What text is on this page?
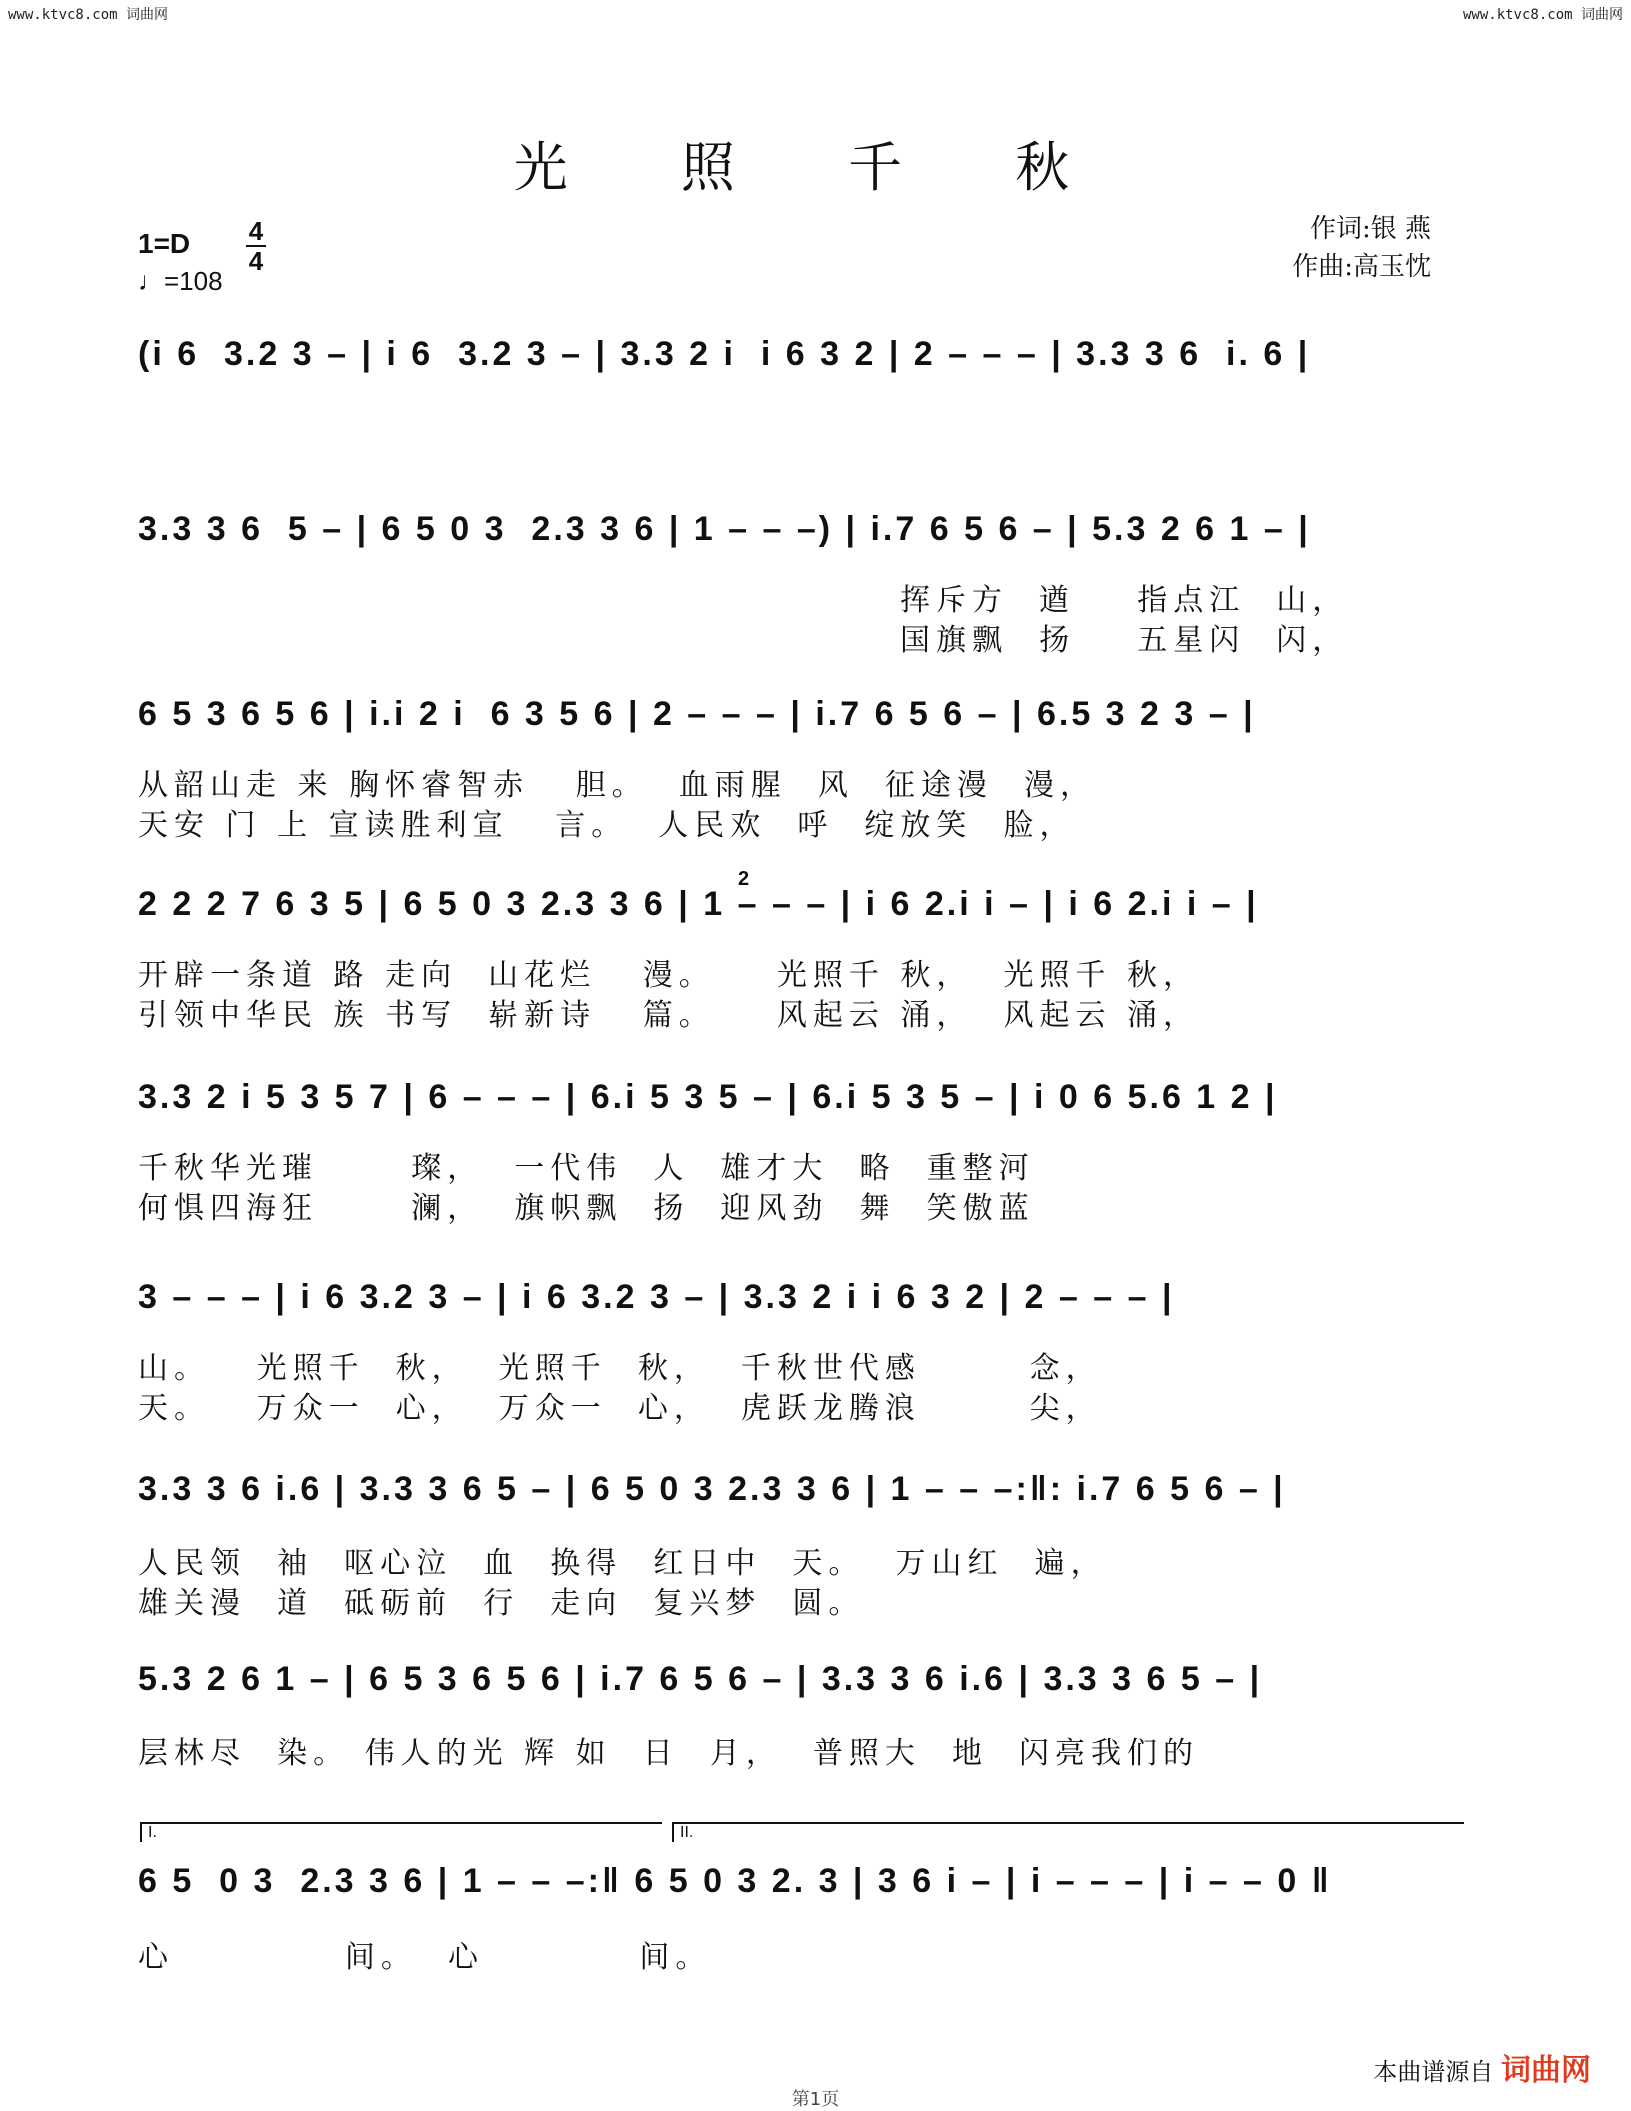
www.ktvc8.com 词曲网	www.ktvc8.com 词曲网
光 照 千 秋
作词:银 燕
作曲:高玉忱
1=D 4
4
♩=108
(i 6  3.2 3 – | i 6  3.2 3 – | 3.3 2 i  i 6 3 2 | 2 – – – | 3.3 3 6  i. 6 |
3.3 3 6  5 – | 6 5 0 3  2.3 3 6 | 1 – – –) | i.7 6 5 6 – | 5.3 2 6 1 – |
挥斥方  遒    指点江  山，
国旗飘  扬    五星闪  闪，
6 5 3 6 5 6 | i.i 2 i  6 3 5 6 | 2 – – – | i.7 6 5 6 – | 6.5 3 2 3 – |
从韶山走 来 胸怀睿智赤   胆。  血雨腥  风  征途漫  漫，
天安 门 上 宣读胜利宣   言。  人民欢  呼  绽放笑  脸，
2 2 2 7 6 3 5 | 6 5 0 3 2.3 3 6 | 1 – – – | i 6 2.i i – | i 6 2.i i – |
2
开辟一条道 路 走向  山花烂   漫。    光照千 秋，  光照千 秋，
引领中华民 族 书写  崭新诗   篇。    风起云 涌，  风起云 涌，
3.3 2 i 5 3 5 7 | 6 – – – | 6.i 5 3 5 – | 6.i 5 3 5 – | i 0 6 5.6 1 2 |
千秋华光璀      璨，  一代伟  人  雄才大  略  重整河
何惧四海狂      澜，  旗帜飘  扬  迎风劲  舞  笑傲蓝
3 – – – | i 6 3.2 3 – | i 6 3.2 3 – | 3.3 2 i i 6 3 2 | 2 – – – |
山。   光照千  秋，  光照千  秋，  千秋世代感       念，
天。   万众一  心，  万众一  心，  虎跃龙腾浪       尖，
3.3 3 6 i.6 | 3.3 3 6 5 – | 6 5 0 3 2.3 3 6 | 1 – – –:‖: i.7 6 5 6 – |
人民领  袖  呕心泣  血  换得  红日中  天。  万山红  遍，
雄关漫  道  砥砺前  行  走向  复兴梦  圆。
5.3 2 6 1 – | 6 5 3 6 5 6 | i.7 6 5 6 – | 3.3 3 6 i.6 | 3.3 3 6 5 – |
层林尽  染。 伟人的光 辉 如  日  月，  普照大  地  闪亮我们的
I.	II.
6 5  0 3  2.3 3 6 | 1 – – –:‖ 6 5 0 3 2. 3 | 3 6 i – | i – – – | i – – 0 ‖
心           间。  心          间。
本曲谱源自 词曲网
第1页
